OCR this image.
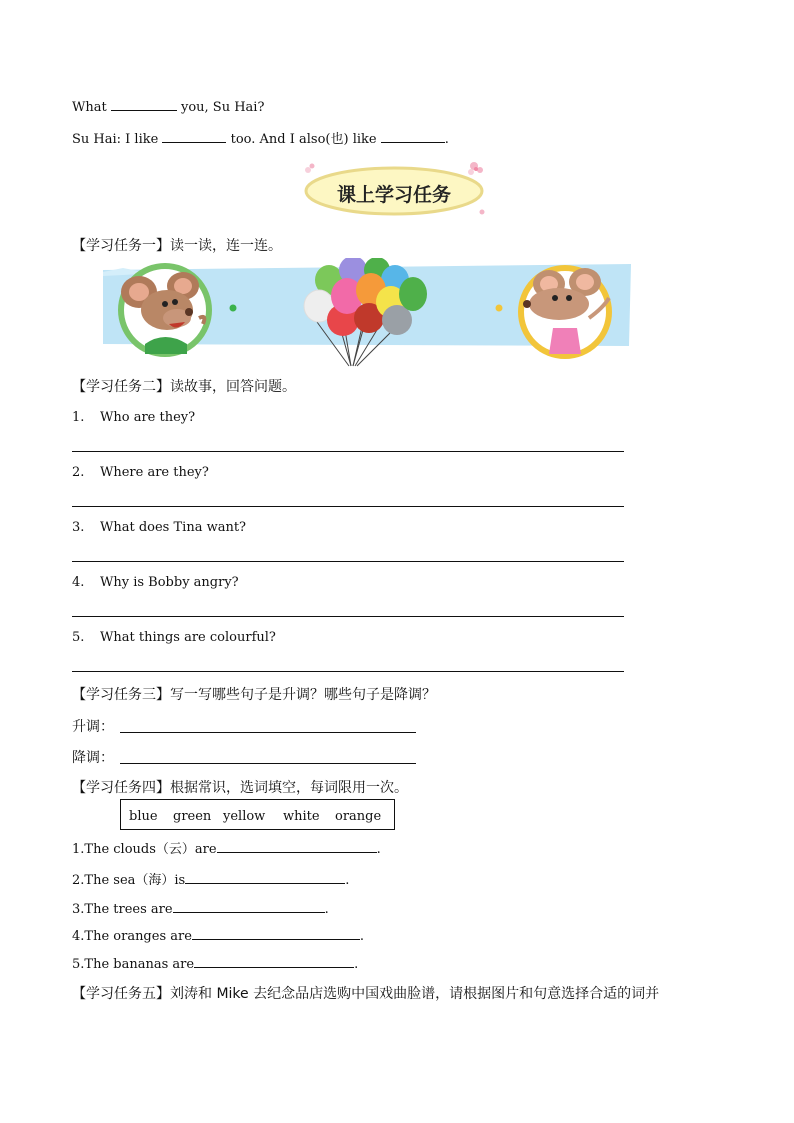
What	you, Su Hai?
Su Hai: I like	too. And I also(也) like	.
课上学习任务
【学习任务一】读一读，连一连。
【学习任务二】读故事，回答问题。
1. Who are they?
2. Where are they?
3. What does Tina want?
4. Why is Bobby angry?
5. What things are colourful?
【学习任务三】写一写哪些句子是升调？哪些句子是降调？
升调：
降调：
【学习任务四】根据常识，选词填空，每词限用一次。
blue green yellow white orange
1.The clouds（云）are	.
2.The sea（海）is	.
3.The trees are	.
4.The oranges are	.
5.The bananas are	.
【学习任务五】刘涛和 Mike 去纪念品店选购中国戏曲脸谱，请根据图片和句意选择合适的词并
